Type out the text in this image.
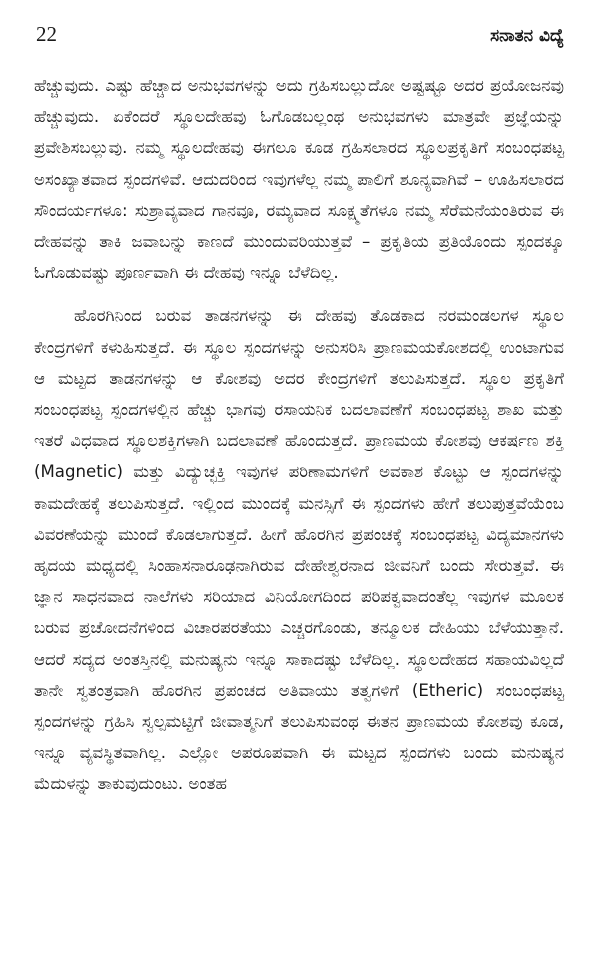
22	ಸನಾತನ ವಿದ್ಯೆ

ಹೆಚ್ಚುವುದು. ಎಷ್ಟು ಹೆಚ್ಚಾದ ಅನುಭವಗಳನ್ನು ಅದು ಗ್ರಹಿಸಬಲ್ಲುದೋ ಅಷ್ಟಷ್ಟೂ ಅದರ ಪ್ರಯೋಜನವು ಹೆಚ್ಚುವುದು. ಏಕೆಂದರೆ ಸ್ಥೂಲದೇಹವು ಓಗೊಡಬಲ್ಲಂಥ ಅನುಭವಗಳು ಮಾತ್ರವೇ ಪ್ರಜ್ಞೆಯನ್ನು ಪ್ರವೇಶಿಸಬಲ್ಲುವು. ನಮ್ಮ ಸ್ಥೂಲದೇಹವು ಈಗಲೂ ಕೂಡ ಗ್ರಹಿಸಲಾರದ ಸ್ಥೂಲಪ್ರಕೃತಿಗೆ ಸಂಬಂಧಪಟ್ಟ ಅಸಂಖ್ಯಾತವಾದ ಸ್ಪಂದಗಳಿವೆ. ಆದುದರಿಂದ ಇವುಗಳೆಲ್ಲ ನಮ್ಮ ಪಾಲಿಗೆ ಶೂನ್ಯವಾಗಿವೆ – ಊಹಿಸಲಾರದ ಸೌಂದರ್ಯಗಳೂ: ಸುಶ್ರಾವ್ಯವಾದ ಗಾನವೂ, ರಮ್ಯವಾದ ಸೂಕ್ಷ್ಮತೆಗಳೂ ನಮ್ಮ ಸೆರೆಮನೆಯಂತಿರುವ ಈ ದೇಹವನ್ನು ತಾಕಿ ಜವಾಬನ್ನು ಕಾಣದೆ ಮುಂದುವರಿಯುತ್ತವೆ – ಪ್ರಕೃತಿಯ ಪ್ರತಿಯೊಂದು ಸ್ಪಂದಕ್ಕೂ ಓಗೊಡುವಷ್ಟು ಪೂರ್ಣವಾಗಿ ಈ ದೇಹವು ಇನ್ನೂ ಬೆಳೆದಿಲ್ಲ.

ಹೊರಗಿನಿಂದ ಬರುವ ತಾಡನಗಳನ್ನು ಈ ದೇಹವು ತೊಡಕಾದ ನರಮಂಡಲಗಳ ಸ್ಥೂಲ ಕೇಂದ್ರಗಳಿಗೆ ಕಳುಹಿಸುತ್ತದೆ. ಈ ಸ್ಥೂಲ ಸ್ಪಂದಗಳನ್ನು ಅನುಸರಿಸಿ ಪ್ರಾಣಮಯಕೋಶದಲ್ಲಿ ಉಂಟಾಗುವ ಆ ಮಟ್ಟದ ತಾಡನಗಳನ್ನು ಆ ಕೋಶವು ಅದರ ಕೇಂದ್ರಗಳಿಗೆ ತಲುಪಿಸುತ್ತದೆ. ಸ್ಥೂಲ ಪ್ರಕೃತಿಗೆ ಸಂಬಂಧಪಟ್ಟ ಸ್ಪಂದಗಳಲ್ಲಿನ ಹೆಚ್ಚು ಭಾಗವು ರಸಾಯನಿಕ ಬದಲಾವಣೆಗೆ ಸಂಬಂಧಪಟ್ಟ ಶಾಖ ಮತ್ತು ಇತರೆ ವಿಧವಾದ ಸ್ಥೂಲಶಕ್ತಿಗಳಾಗಿ ಬದಲಾವಣೆ ಹೊಂದುತ್ತದೆ. ಪ್ರಾಣಮಯ ಕೋಶವು ಆಕರ್ಷಣ ಶಕ್ತಿ (Magnetic) ಮತ್ತು ವಿದ್ಯುಚ್ಛಕ್ತಿ ಇವುಗಳ ಪರಿಣಾಮಗಳಿಗೆ ಅವಕಾಶ ಕೊಟ್ಟು ಆ ಸ್ಪಂದಗಳನ್ನು ಕಾಮದೇಹಕ್ಕೆ ತಲುಪಿಸುತ್ತದೆ. ಇಲ್ಲಿಂದ ಮುಂದಕ್ಕೆ ಮನಸ್ಸಿಗೆ ಈ ಸ್ಪಂದಗಳು ಹೇಗೆ ತಲುಪುತ್ತವೆಯೆಂಬ ವಿವರಣೆಯನ್ನು ಮುಂದೆ ಕೊಡಲಾಗುತ್ತದೆ. ಹೀಗೆ ಹೊರಗಿನ ಪ್ರಪಂಚಕ್ಕೆ ಸಂಬಂಧಪಟ್ಟ ವಿದ್ಯಮಾನಗಳು ಹೃದಯ ಮಧ್ಯದಲ್ಲಿ ಸಿಂಹಾಸನಾರೂಢನಾಗಿರುವ ದೇಹೇಶ್ವರನಾದ ಜೀವನಿಗೆ ಬಂದು ಸೇರುತ್ತವೆ. ಈ ಜ್ಞಾನ ಸಾಧನವಾದ ನಾಲೆಗಳು ಸರಿಯಾದ ವಿನಿಯೋಗದಿಂದ ಪರಿಪಕ್ವವಾದಂತೆಲ್ಲ ಇವುಗಳ ಮೂಲಕ ಬರುವ ಪ್ರಚೋದನೆಗಳಿಂದ ವಿಚಾರಪರತೆಯು ಎಚ್ಚರಗೊಂಡು, ತನ್ಮೂಲಕ ದೇಹಿಯು ಬೆಳೆಯುತ್ತಾನೆ. ಆದರೆ ಸದ್ಯದ ಅಂತಸ್ತಿನಲ್ಲಿ ಮನುಷ್ಯನು ಇನ್ನೂ ಸಾಕಾದಷ್ಟು ಬೆಳೆದಿಲ್ಲ. ಸ್ಥೂಲದೇಹದ ಸಹಾಯವಿಲ್ಲದೆ ತಾನೇ ಸ್ವತಂತ್ರವಾಗಿ ಹೊರಗಿನ ಪ್ರಪಂಚದ ಅತಿವಾಯು ತತ್ವಗಳಿಗೆ (Etheric) ಸಂಬಂಧಪಟ್ಟ ಸ್ಪಂದಗಳನ್ನು ಗ್ರಹಿಸಿ ಸ್ವಲ್ಪಮಟ್ಟಿಗೆ ಜೀವಾತ್ಮನಿಗೆ ತಲುಪಿಸುವಂಥ ಈತನ ಪ್ರಾಣಮಯ ಕೋಶವು ಕೂಡ, ಇನ್ನೂ ವ್ಯವಸ್ಥಿತವಾಗಿಲ್ಲ. ಎಲ್ಲೋ ಅಪರೂಪವಾಗಿ ಈ ಮಟ್ಟದ ಸ್ಪಂದಗಳು ಬಂದು ಮನುಷ್ಯನ ಮೆದುಳನ್ನು ತಾಕುವುದುಂಟು. ಅಂತಹ
